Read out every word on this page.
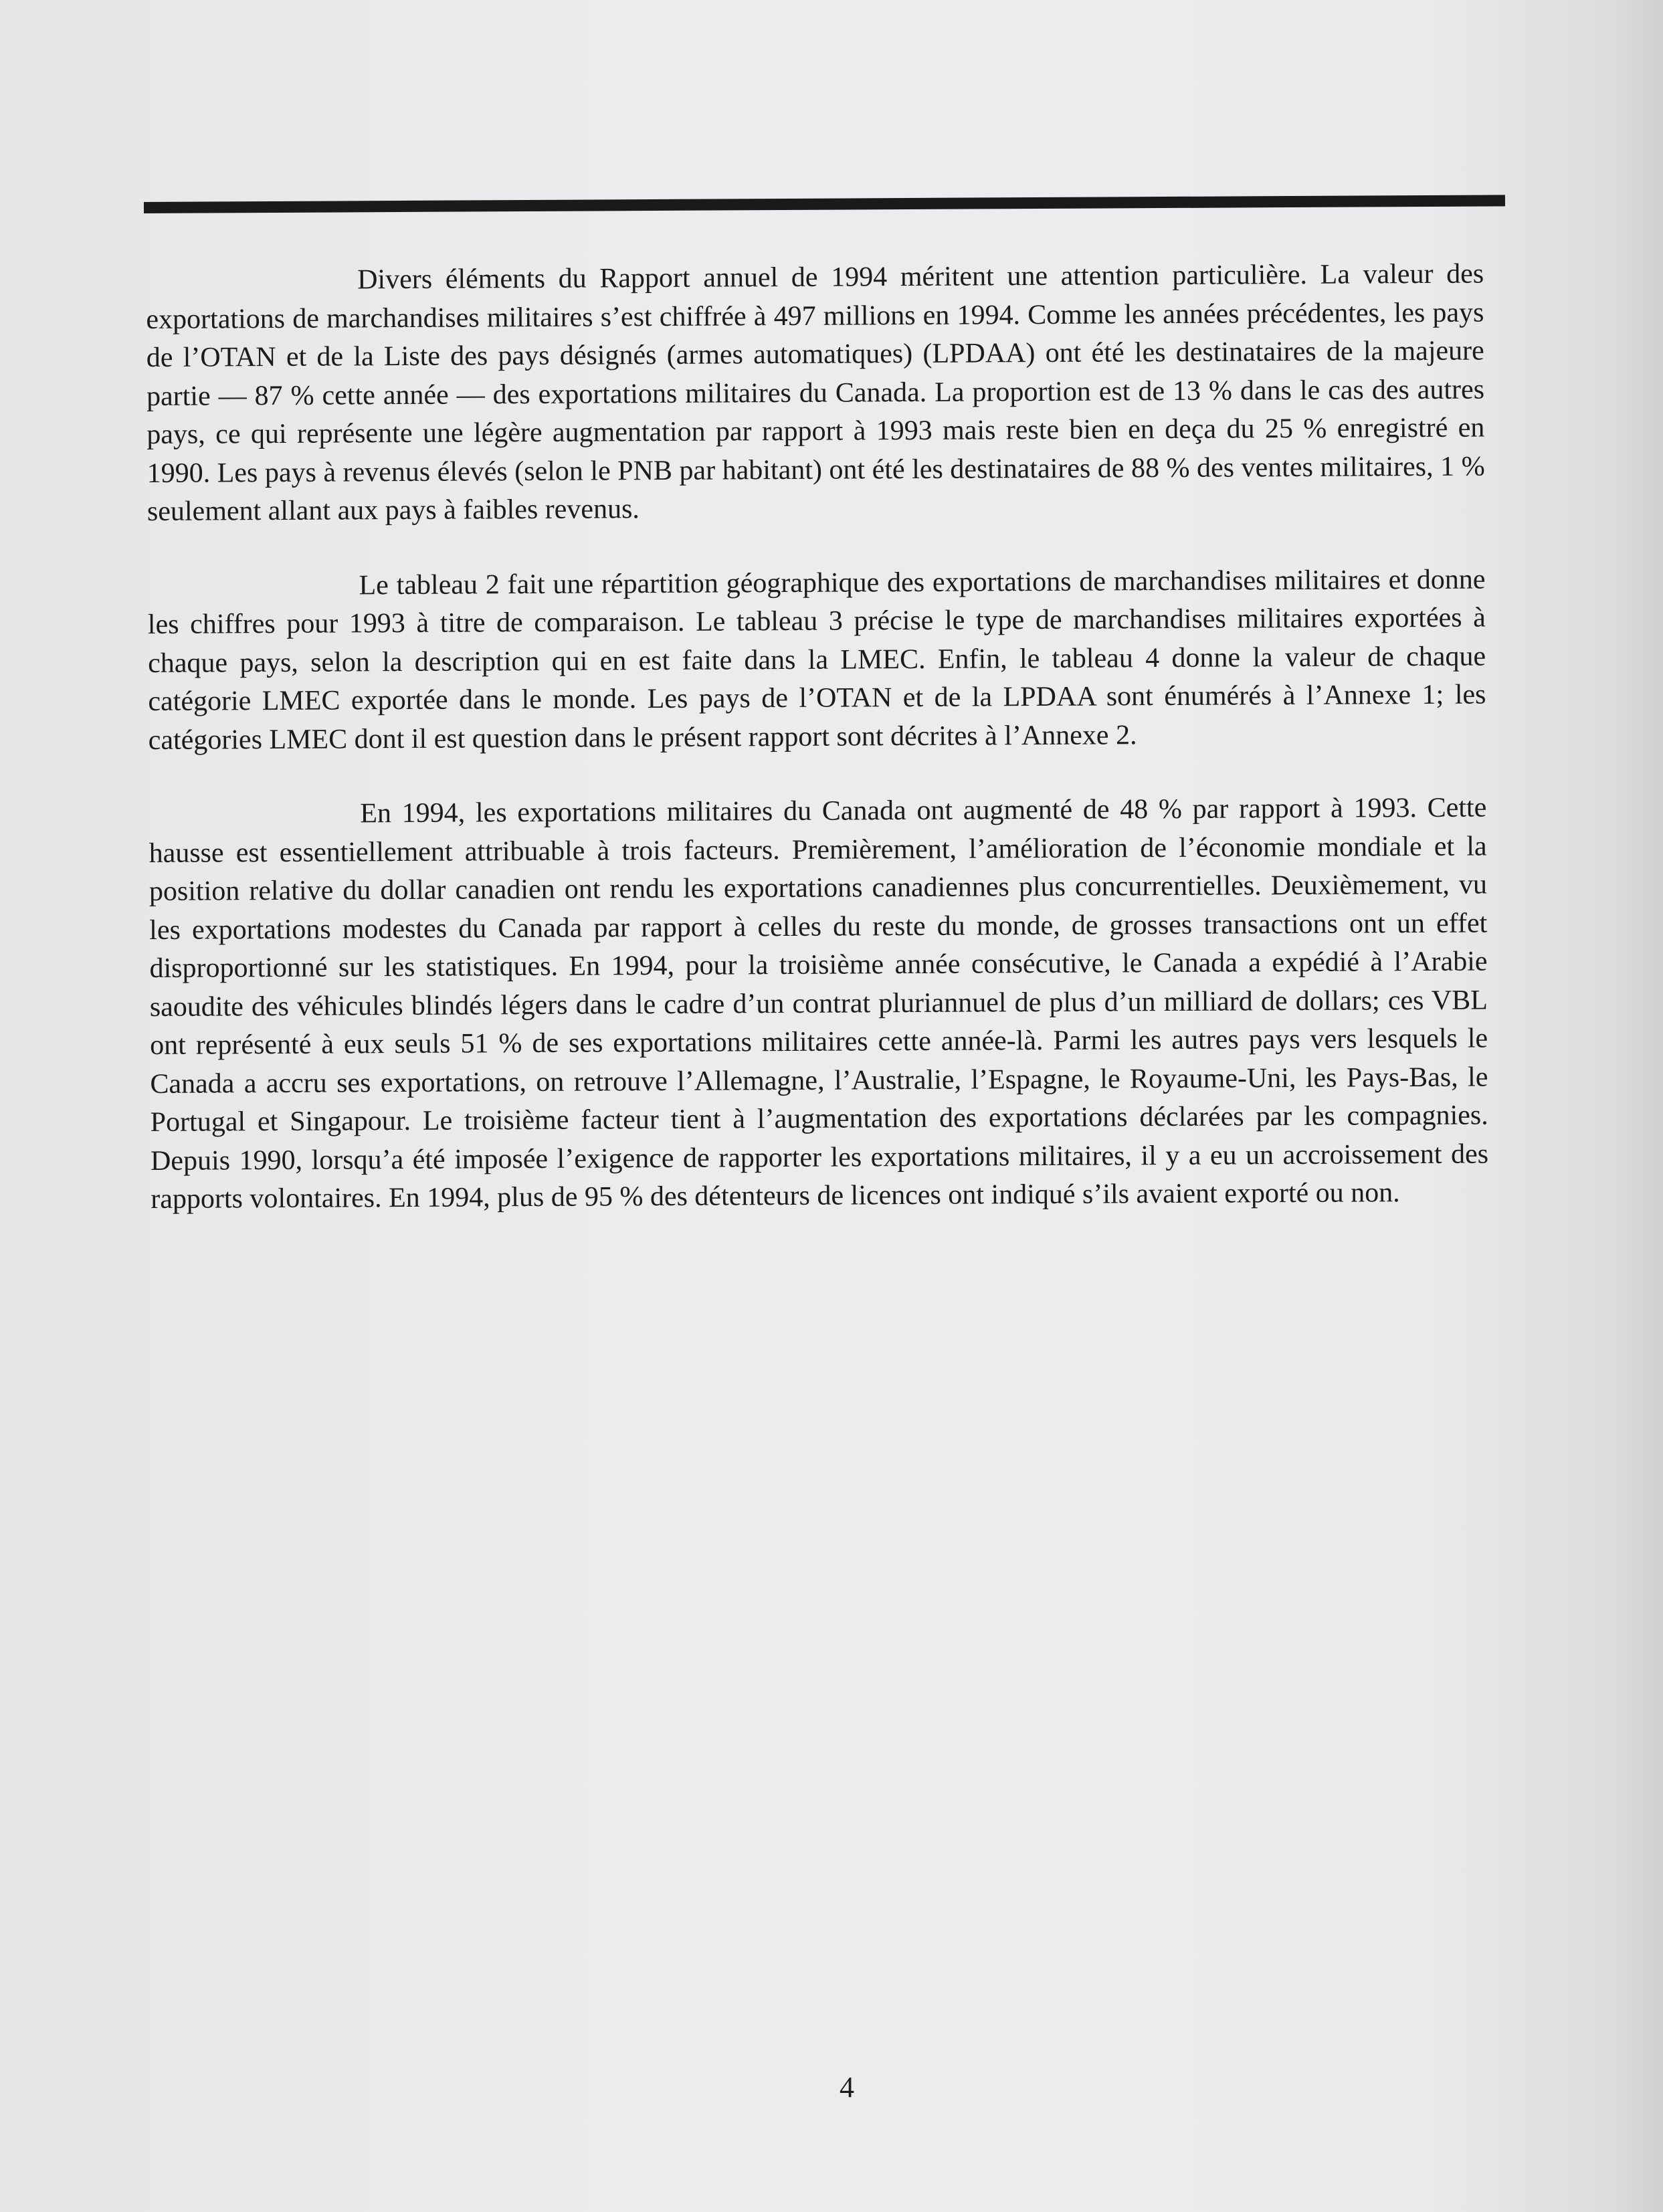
Divers éléments du Rapport annuel de 1994 méritent une attention particulière. La valeur des exportations de marchandises militaires s’est chiffrée à 497 millions en 1994. Comme les années précédentes, les pays de l’OTAN et de la Liste des pays désignés (armes automatiques) (LPDAA) ont été les destinataires de la majeure partie — 87 % cette année — des exportations militaires du Canada. La proportion est de 13 % dans le cas des autres pays, ce qui représente une légère augmentation par rapport à 1993 mais reste bien en deça du 25 % enregistré en 1990. Les pays à revenus élevés (selon le PNB par habitant) ont été les destinataires de 88 % des ventes militaires, 1 % seulement allant aux pays à faibles revenus.

Le tableau 2 fait une répartition géographique des exportations de marchandises militaires et donne les chiffres pour 1993 à titre de comparaison. Le tableau 3 précise le type de marchandises militaires exportées à chaque pays, selon la description qui en est faite dans la LMEC. Enfin, le tableau 4 donne la valeur de chaque catégorie LMEC exportée dans le monde. Les pays de l’OTAN et de la LPDAA sont énumérés à l’Annexe 1; les catégories LMEC dont il est question dans le présent rapport sont décrites à l’Annexe 2.

En 1994, les exportations militaires du Canada ont augmenté de 48 % par rapport à 1993. Cette hausse est essentiellement attribuable à trois facteurs. Premièrement, l’amélioration de l’économie mondiale et la position relative du dollar canadien ont rendu les exportations canadiennes plus concurrentielles. Deuxièmement, vu les exportations modestes du Canada par rapport à celles du reste du monde, de grosses transactions ont un effet disproportionné sur les statistiques. En 1994, pour la troisième année consécutive, le Canada a expédié à l’Arabie saoudite des véhicules blindés légers dans le cadre d’un contrat pluriannuel de plus d’un milliard de dollars; ces VBL ont représenté à eux seuls 51 % de ses exportations militaires cette année-là. Parmi les autres pays vers lesquels le Canada a accru ses exportations, on retrouve l’Allemagne, l’Australie, l’Espagne, le Royaume-Uni, les Pays-Bas, le Portugal et Singapour. Le troisième facteur tient à l’augmentation des exportations déclarées par les compagnies. Depuis 1990, lorsqu’a été imposée l’exigence de rapporter les exportations militaires, il y a eu un accroissement des rapports volontaires. En 1994, plus de 95 % des détenteurs de licences ont indiqué s’ils avaient exporté ou non.

4
